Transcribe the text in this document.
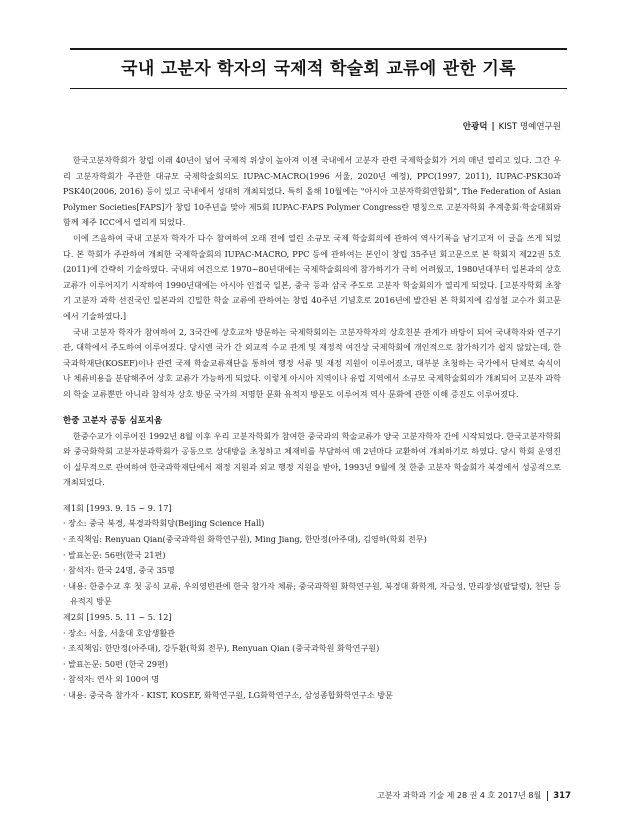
국내 고분자 학자의 국제적 학술회 교류에 관한 기록
안광덕 | KIST 명예연구원

한국고분자학회가 창립 이래 40년이 넘어 국제적 위상이 높아져 이젠 국내에서 고분자 관련 국제학술회가 거의 매년 열리고 있다. 그간 우리 고분자학회가 주관한 대규모 국제학술회의도 IUPAC-MACRO(1996 서울, 2020년 예정), PPC(1997, 2011), IUPAC-PSK30과 PSK40(2006, 2016) 등이 있고 국내에서 성대히 개최되었다. 특히 올해 10월에는 "아시아 고분자학회연합회", The Federation of Asian Polymer Societies[FAPS]가 창립 10주년을 맞아 제5회 IUPAC-FAPS Polymer Congress란 명칭으로 고분자학회 추계총회·학술대회와 함께 제주 ICC에서 열리게 되었다.

이에 즈음하여 국내 고분자 학자가 다수 참여하여 오래 전에 열린 소규모 국제 학술회의에 관하여 역사기록을 남기고저 이 글을 쓰게 되었다. 본 학회가 주관하여 개최한 국제학술회의 IUPAC-MACRO, PPC 등에 관하여는 본인이 창립 35주년 회고문으로 본 학회지 제22권 5호(2011)에 간략히 기술하였다. 국내외 여건으로 1970~80년대에는 국제학술회의에 참가하기가 극히 어려웠고, 1980년대부터 일본과의 상호교류가 이루어지기 시작하여 1990년대에는 아시아 인접국 일본, 중국 등과 삼국 주도로 고분자 학술회의가 열리게 되었다. [고분자학회 초창기 고분자 과학 선진국인 일본과의 긴밀한 학술 교류에 관하여는 창립 40주년 기념호로 2016년에 발간된 본 학회지에 김성철 교수가 회고문에서 기술하였다.]

국내 고분자 학자가 참여하여 2, 3국간에 상호교차 방문하는 국제학회의는 고분자학자의 상호친분 관계가 바탕이 되어 국내학자와 연구기관, 대학에서 주도하여 이루어졌다. 당시엔 국가 간 외교적 수교 관계 및 재정적 여건상 국제학회에 개인적으로 참가하기가 쉽지 않았는데, 한국과학재단(KOSEF)이나 관련 국제 학술교류재단을 통하여 행정 서류 및 재정 지원이 이루어졌고, 대부분 초청하는 국가에서 단체로 숙식이나 체류비용을 분담해주어 상호 교류가 가능하게 되었다. 이렇게 아시아 지역이나 유럽 지역에서 소규모 국제학술회의가 개최되어 고분자 과학의 학술 교류뿐만 아니라 참석자 상호 방문 국가의 저명한 문화 유적지 방문도 이루어져 역사 문화에 관한 이해 증진도 이루어졌다.

한중 고분자 공동 심포지움

한중수교가 이루어진 1992년 8월 이후 우리 고분자학회가 참여한 중국과의 학술교류가 양국 고분자학자 간에 시작되었다. 한국고분자학회와 중국화학회 고분자분과학회가 공동으로 상대방을 초청하고 체재비를 부담하여 매 2년마다 교환하여 개최하기로 하였다. 당시 학회 운영진이 실무적으로 관여하여 한국과학재단에서 재정 지원과 외교 행정 지원을 받아, 1993년 9월에 첫 한중 고분자 학술회가 북경에서 성공적으로 개최되었다.

제1회 [1993. 9. 15 ~ 9. 17]
· 장소: 중국 북경, 북경과학회당(Beijing Science Hall)
· 조직책임: Renyuan Qian(중국과학원 화학연구원), Ming Jiang, 한만정(아주대), 김영하(학회 전무)
· 발표논문: 56편(한국 21편)
· 참석자: 한국 24명, 중국 35명
· 내용: 한중수교 후 첫 공식 교류, 우의영빈관에 한국 참가자 체류; 중국과학원 화학연구원, 북경대 화학계, 자금성, 만리장성(팔달령), 천단 등 유적지 방문
제2회 [1995. 5. 11 ~ 5. 12]
· 장소: 서울, 서울대 호암생활관
· 조직책임: 한만정(아주대), 강두환(학회 전무), Renyuan Qian (중국과학원 화학연구원)
· 발표논문: 50편 (한국 29편)
· 참석자: 연사 외 100여 명
· 내용: 중국측 참가자 - KIST, KOSEF, 화학연구원, LG화학연구소, 삼성종합화학연구소 방문
고분자 과학과 기술 제 28 권 4 호 2017년 8월 317
